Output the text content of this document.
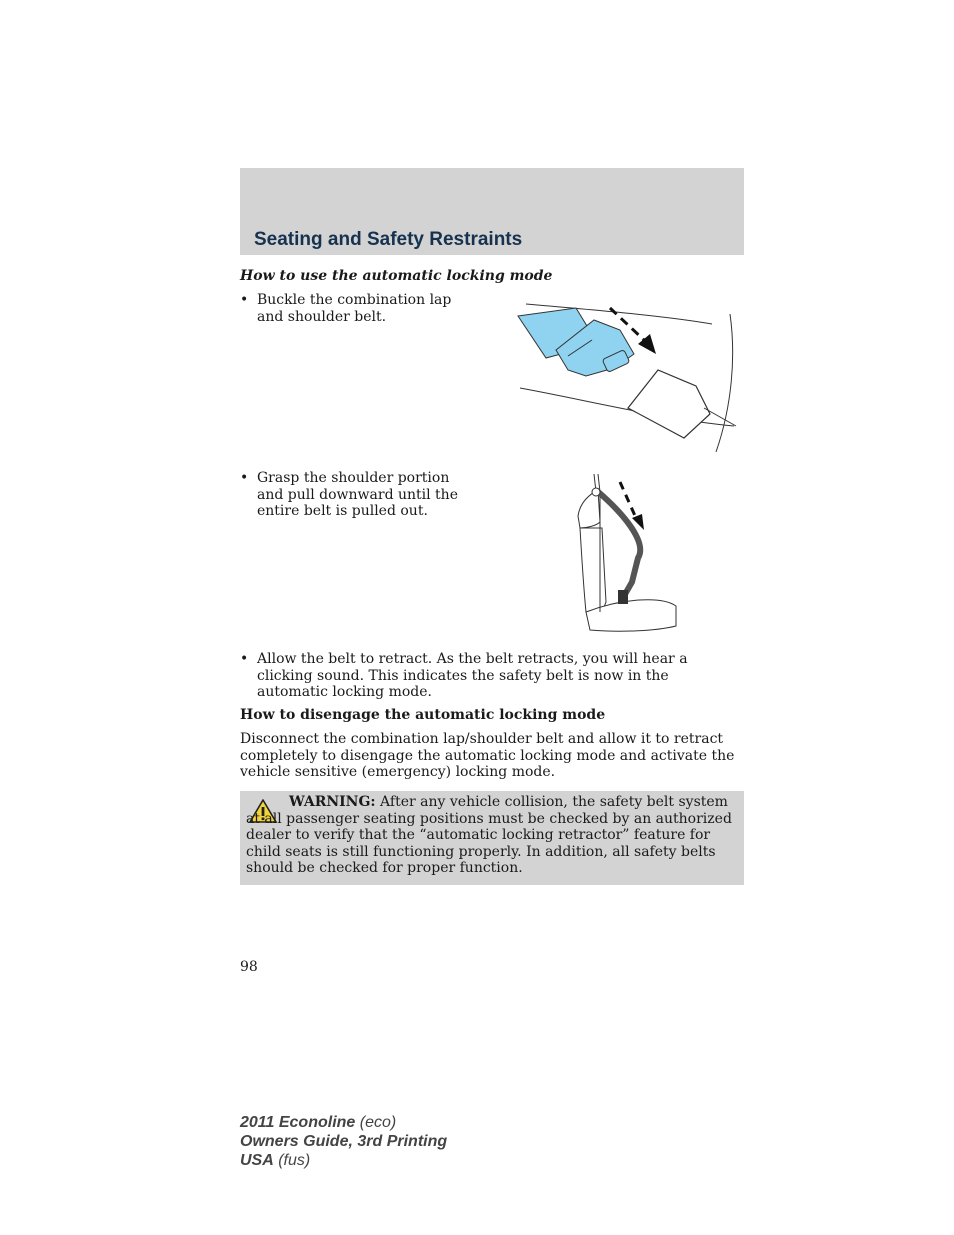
Seating and Safety Restraints

How to use the automatic locking mode

• Buckle the combination lap and shoulder belt.
• Grasp the shoulder portion and pull downward until the entire belt is pulled out.
• Allow the belt to retract. As the belt retracts, you will hear a clicking sound. This indicates the safety belt is now in the automatic locking mode.

How to disengage the automatic locking mode

Disconnect the combination lap/shoulder belt and allow it to retract completely to disengage the automatic locking mode and activate the vehicle sensitive (emergency) locking mode.

WARNING: After any vehicle collision, the safety belt system at all passenger seating positions must be checked by an authorized dealer to verify that the “automatic locking retractor” feature for child seats is still functioning properly. In addition, all safety belts should be checked for proper function.

98
2011 Econoline (eco)
Owners Guide, 3rd Printing
USA (fus)
